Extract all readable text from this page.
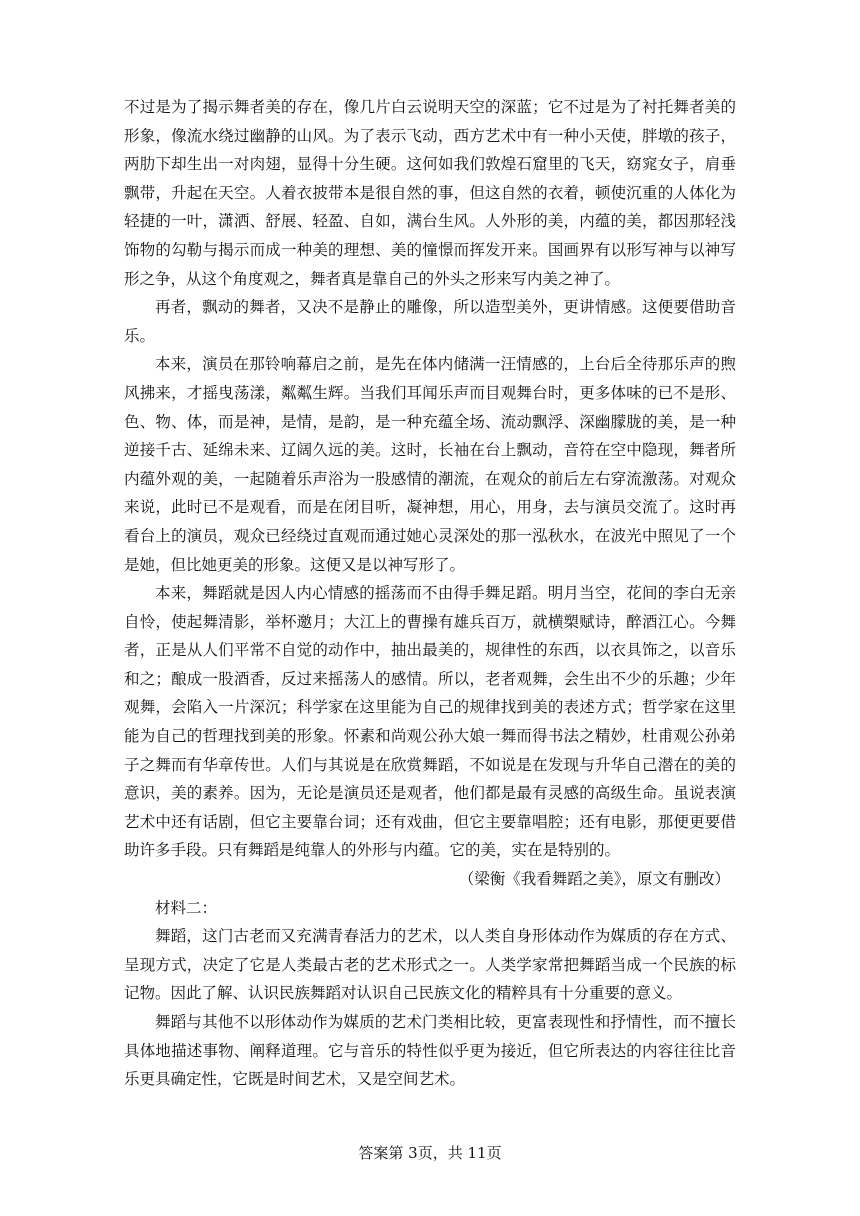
不过是为了揭示舞者美的存在，像几片白云说明天空的深蓝；它不过是为了衬托舞者美的形象，像流水绕过幽静的山风。为了表示飞动，西方艺术中有一种小天使，胖墩的孩子，两肋下却生出一对肉翅，显得十分生硬。这何如我们敦煌石窟里的飞天，窈窕女子，肩垂飘带，升起在天空。人着衣披带本是很自然的事，但这自然的衣着，顿使沉重的人体化为轻捷的一叶，潇洒、舒展、轻盈、自如，满台生风。人外形的美，内蕴的美，都因那轻浅饰物的勾勒与揭示而成一种美的理想、美的憧憬而挥发开来。国画界有以形写神与以神写形之争，从这个角度观之，舞者真是靠自己的外头之形来写内美之神了。

再者，飘动的舞者，又决不是静止的雕像，所以造型美外，更讲情感。这便要借助音乐。

本来，演员在那铃响幕启之前，是先在体内储满一汪情感的，上台后全待那乐声的煦风拂来，才摇曳荡漾，粼粼生辉。当我们耳闻乐声而目观舞台时，更多体味的已不是形、色、物、体，而是神，是情，是韵，是一种充蕴全场、流动飘浮、深幽朦胧的美，是一种逆接千古、延绵未来、辽阔久远的美。这时，长袖在台上飘动，音符在空中隐现，舞者所内蕴外观的美，一起随着乐声浴为一股感情的潮流，在观众的前后左右穿流激荡。对观众来说，此时已不是观看，而是在闭目听，凝神想，用心，用身，去与演员交流了。这时再看台上的演员，观众已经绕过直观而通过她心灵深处的那一泓秋水，在波光中照见了一个是她，但比她更美的形象。这便又是以神写形了。

本来，舞蹈就是因人内心情感的摇荡而不由得手舞足蹈。明月当空，花间的李白无亲自怜，使起舞清影，举杯邀月；大江上的曹操有雄兵百万，就横槊赋诗，醉酒江心。今舞者，正是从人们平常不自觉的动作中，抽出最美的，规律性的东西，以衣具饰之，以音乐和之；酿成一股酒香，反过来摇荡人的感情。所以，老者观舞，会生出不少的乐趣；少年观舞，会陷入一片深沉；科学家在这里能为自己的规律找到美的表述方式；哲学家在这里能为自己的哲理找到美的形象。怀素和尚观公孙大娘一舞而得书法之精妙，杜甫观公孙弟子之舞而有华章传世。人们与其说是在欣赏舞蹈，不如说是在发现与升华自己潜在的美的意识，美的素养。因为，无论是演员还是观者，他们都是最有灵感的高级生命。虽说表演艺术中还有话剧，但它主要靠台词；还有戏曲，但它主要靠唱腔；还有电影，那便更要借助许多手段。只有舞蹈是纯靠人的外形与内蕴。它的美，实在是特别的。

（梁衡《我看舞蹈之美》，原文有删改）

材料二：

舞蹈，这门古老而又充满青春活力的艺术，以人类自身形体动作为媒质的存在方式、呈现方式，决定了它是人类最古老的艺术形式之一。人类学家常把舞蹈当成一个民族的标记物。因此了解、认识民族舞蹈对认识自己民族文化的精粹具有十分重要的意义。

舞蹈与其他不以形体动作为媒质的艺术门类相比较，更富表现性和抒情性，而不擅长具体地描述事物、阐释道理。它与音乐的特性似乎更为接近，但它所表达的内容往往比音乐更具确定性，它既是时间艺术，又是空间艺术。

答案第 3页，共 11页
